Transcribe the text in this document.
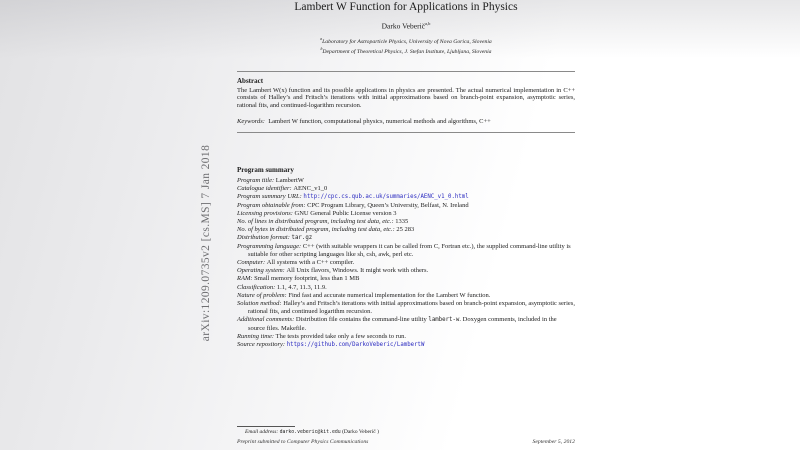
arXiv:1209.0735v2 [cs.MS] 7 Jan 2018
Lambert W Function for Applications in Physics
Darko Veberič$^{a,b}$
$^a$Laboratory for Astroparticle Physics, University of Nova Gorica, Slovenia
$^b$Department of Theoretical Physics, J. Stefan Institute, Ljubljana, Slovenia
Abstract

The Lambert W(x) function and its possible applications in physics are presented. The actual numerical implementation in C++ consists of Halley’s and Fritsch’s iterations with initial approximations based on branch-point expansion, asymptotic series, rational fits, and continued-logarithm recursion.

Keywords: Lambert W function, computational physics, numerical methods and algorithms, C++

Program summary
Program title: LambertW
Catalogue identifier: AENC_v1_0
Program summary URL: http://cpc.cs.qub.ac.uk/summaries/AENC_v1_0.html
Program obtainable from: CPC Program Library, Queen’s University, Belfast, N. Ireland
Licensing provisions: GNU General Public License version 3
No. of lines in distributed program, including test data, etc.: 1335
No. of bytes in distributed program, including test data, etc.: 25 283
Distribution format: tar.gz
Programming language: C++ (with suitable wrappers it can be called from C, Fortran etc.), the supplied command-line utility is suitable for other scripting languages like sh, csh, awk, perl etc.
Computer: All systems with a C++ compiler.
Operating system: All Unix flavors, Windows. It might work with others.
RAM: Small memory footprint, less than 1 MB
Classification: 1.1, 4.7, 11.3, 11.9.
Nature of problem: Find fast and accurate numerical implementation for the Lambert W function.
Solution method: Halley’s and Fritsch’s iterations with initial approximations based on branch-point expansion, asymptotic series, rational fits, and continued logarithm recursion.
Additional comments: Distribution file contains the command-line utility lambert-w. Doxygen comments, included in the source files. Makefile.
Running time: The tests provided take only a few seconds to run.
Source repository: https://github.com/DarkoVeberic/LambertW
Email address: darko.veberic@kit.edu (Darko Veberič )
Preprint submitted to Computer Physics Communications	September 5, 2012
